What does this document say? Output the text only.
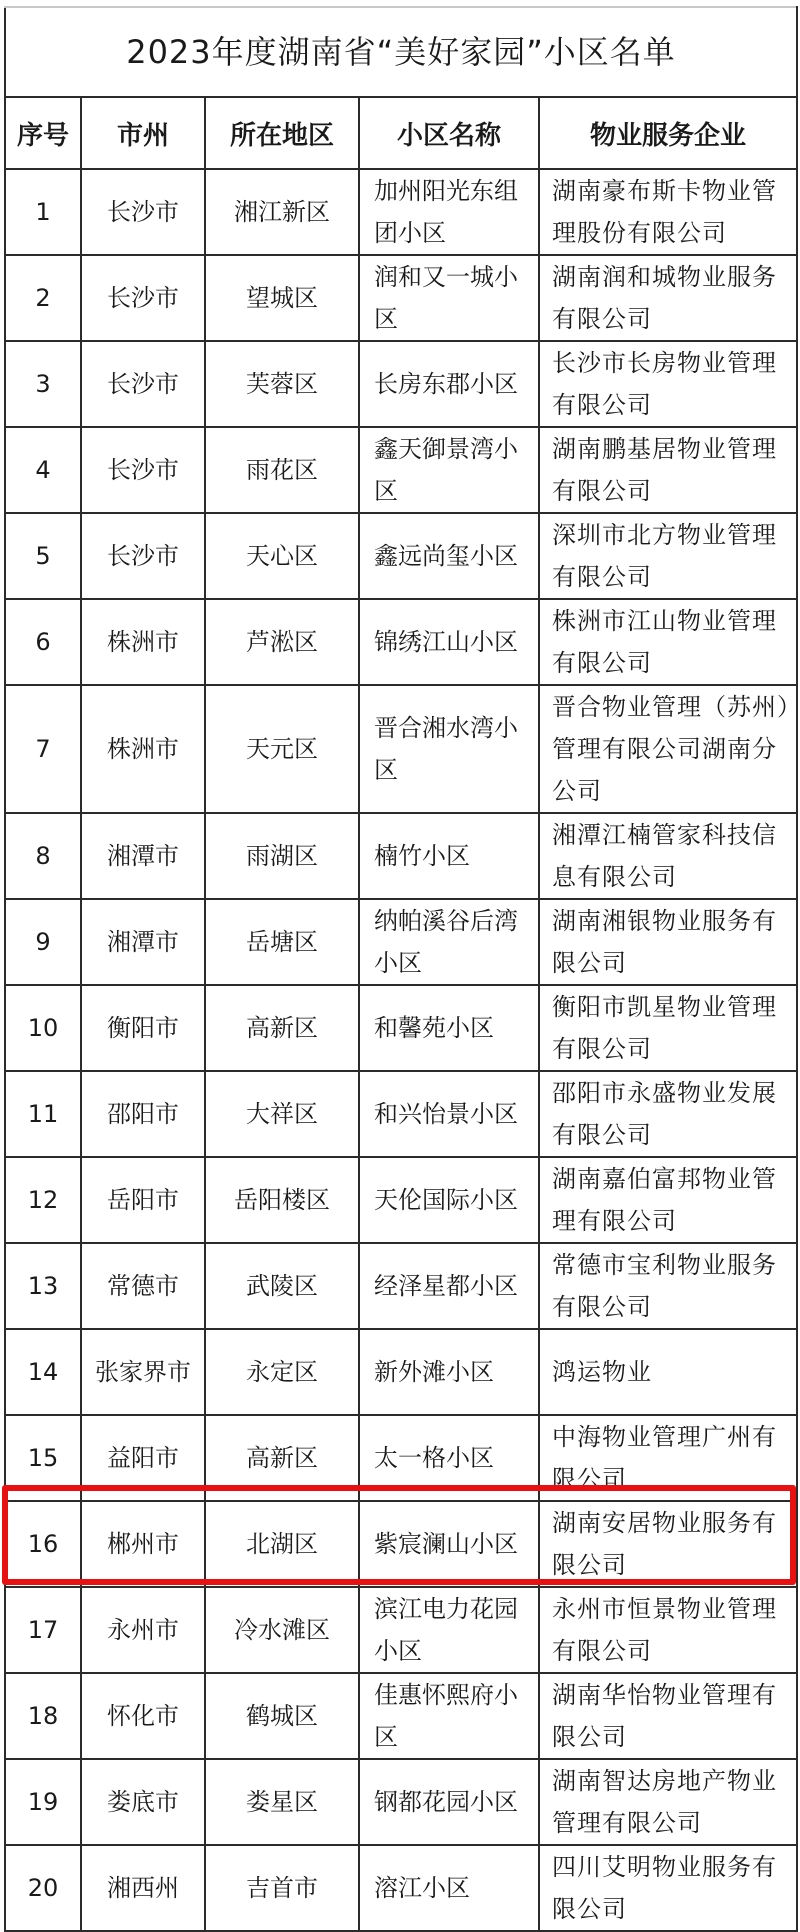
2023年度湖南省“美好家园”小区名单				
序号	市州	所在地区	小区名称	物业服务企业
1	长沙市	湘江新区	加州阳光东组团小区	湖南豪布斯卡物业管理股份有限公司
2	长沙市	望城区	润和又一城小区	湖南润和城物业服务有限公司
3	长沙市	芙蓉区	长房东郡小区	长沙市长房物业管理有限公司
4	长沙市	雨花区	鑫天御景湾小区	湖南鹏基居物业管理有限公司
5	长沙市	天心区	鑫远尚玺小区	深圳市北方物业管理有限公司
6	株洲市	芦淞区	锦绣江山小区	株洲市江山物业管理有限公司
7	株洲市	天元区	晋合湘水湾小区	晋合物业管理（苏州）管理有限公司湖南分公司
8	湘潭市	雨湖区	楠竹小区	湘潭江楠管家科技信息有限公司
9	湘潭市	岳塘区	纳帕溪谷后湾小区	湖南湘银物业服务有限公司
10	衡阳市	高新区	和馨苑小区	衡阳市凯星物业管理有限公司
11	邵阳市	大祥区	和兴怡景小区	邵阳市永盛物业发展有限公司
12	岳阳市	岳阳楼区	天伦国际小区	湖南嘉伯富邦物业管理有限公司
13	常德市	武陵区	经泽星都小区	常德市宝利物业服务有限公司
14	张家界市	永定区	新外滩小区	鸿运物业
15	益阳市	高新区	太一格小区	中海物业管理广州有限公司
16	郴州市	北湖区	紫宸澜山小区	湖南安居物业服务有限公司
17	永州市	冷水滩区	滨江电力花园小区	永州市恒景物业管理有限公司
18	怀化市	鹤城区	佳惠怀熙府小区	湖南华怡物业管理有限公司
19	娄底市	娄星区	钢都花园小区	湖南智达房地产物业管理有限公司
20	湘西州	吉首市	溶江小区	四川艾明物业服务有限公司
